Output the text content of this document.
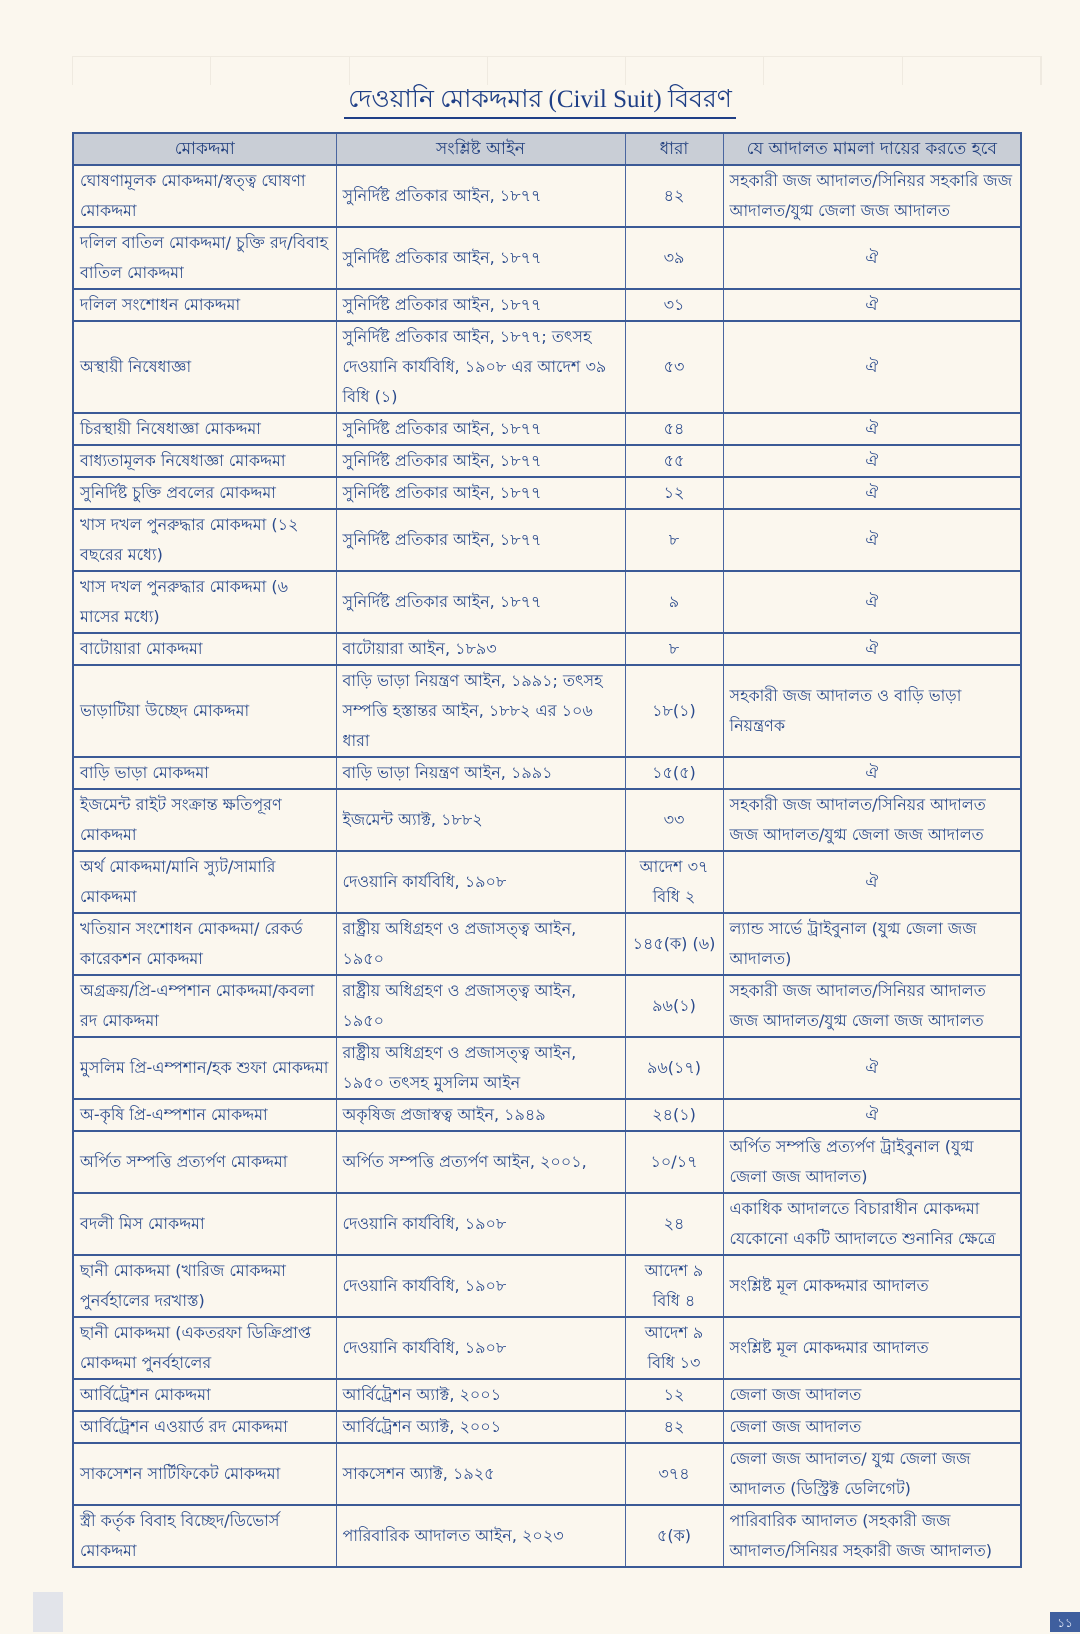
দেওয়ানি মোকদ্দমার (Civil Suit) বিবরণ
মোকদ্দমা	সংশ্লিষ্ট আইন	ধারা	যে আদালত মামলা দায়ের করতে হবে
ঘোষণামূলক মোকদ্দমা/স্বত্ত্ব ঘোষণা মোকদ্দমা	সুনির্দিষ্ট প্রতিকার আইন, ১৮৭৭	৪২	সহকারী জজ আদালত/সিনিয়র সহকারি জজ আদালত/যুগ্ম জেলা জজ আদালত
দলিল বাতিল মোকদ্দমা/ চুক্তি রদ/বিবাহ বাতিল মোকদ্দমা	সুনির্দিষ্ট প্রতিকার আইন, ১৮৭৭	৩৯	ঐ
দলিল সংশোধন মোকদ্দমা	সুনির্দিষ্ট প্রতিকার আইন, ১৮৭৭	৩১	ঐ
অস্থায়ী নিষেধাজ্ঞা	সুনির্দিষ্ট প্রতিকার আইন, ১৮৭৭; তৎসহ দেওয়ানি কার্যবিধি, ১৯০৮ এর আদেশ ৩৯ বিধি (১)	৫৩	ঐ
চিরস্থায়ী নিষেধাজ্ঞা মোকদ্দমা	সুনির্দিষ্ট প্রতিকার আইন, ১৮৭৭	৫৪	ঐ
বাধ্যতামূলক নিষেধাজ্ঞা মোকদ্দমা	সুনির্দিষ্ট প্রতিকার আইন, ১৮৭৭	৫৫	ঐ
সুনির্দিষ্ট চুক্তি প্রবলের মোকদ্দমা	সুনির্দিষ্ট প্রতিকার আইন, ১৮৭৭	১২	ঐ
খাস দখল পুনরুদ্ধার মোকদ্দমা (১২ বছরের মধ্যে)	সুনির্দিষ্ট প্রতিকার আইন, ১৮৭৭	৮	ঐ
খাস দখল পুনরুদ্ধার মোকদ্দমা (৬ মাসের মধ্যে)	সুনির্দিষ্ট প্রতিকার আইন, ১৮৭৭	৯	ঐ
বাটোয়ারা মোকদ্দমা	বাটোয়ারা আইন, ১৮৯৩	৮	ঐ
ভাড়াটিয়া উচ্ছেদ মোকদ্দমা	বাড়ি ভাড়া নিয়ন্ত্রণ আইন, ১৯৯১; তৎসহ সম্পত্তি হস্তান্তর আইন, ১৮৮২ এর ১০৬ ধারা	১৮(১)	সহকারী জজ আদালত ও বাড়ি ভাড়া নিয়ন্ত্রণক
বাড়ি ভাড়া মোকদ্দমা	বাড়ি ভাড়া নিয়ন্ত্রণ আইন, ১৯৯১	১৫(৫)	ঐ
ইজমেন্ট রাইট সংক্রান্ত ক্ষতিপূরণ মোকদ্দমা	ইজমেন্ট অ্যাক্ট, ১৮৮২	৩৩	সহকারী জজ আদালত/সিনিয়র আদালত জজ আদালত/যুগ্ম জেলা জজ আদালত
অর্থ মোকদ্দমা/মানি স্যুট/সামারি মোকদ্দমা	দেওয়ানি কার্যবিধি, ১৯০৮	আদেশ ৩৭ বিধি ২	ঐ
খতিয়ান সংশোধন মোকদ্দমা/ রেকর্ড কারেকশন মোকদ্দমা	রাষ্ট্রীয় অধিগ্রহণ ও প্রজাসত্ত্ব আইন, ১৯৫০	১৪৫(ক) (৬)	ল্যান্ড সার্ভে ট্রাইবুনাল (যুগ্ম জেলা জজ আদালত)
অগ্রক্রয়/প্রি-এম্পশান মোকদ্দমা/কবলা রদ মোকদ্দমা	রাষ্ট্রীয় অধিগ্রহণ ও প্রজাসত্ত্ব আইন, ১৯৫০	৯৬(১)	সহকারী জজ আদালত/সিনিয়র আদালত জজ আদালত/যুগ্ম জেলা জজ আদালত
মুসলিম প্রি-এম্পশান/হক শুফা মোকদ্দমা	রাষ্ট্রীয় অধিগ্রহণ ও প্রজাসত্ত্ব আইন, ১৯৫০ তৎসহ মুসলিম আইন	৯৬(১৭)	ঐ
অ-কৃষি প্রি-এম্পশান মোকদ্দমা	অকৃষিজ প্রজাস্বত্ব আইন, ১৯৪৯	২৪(১)	ঐ
অর্পিত সম্পত্তি প্রত্যর্পণ মোকদ্দমা	অর্পিত সম্পত্তি প্রত্যর্পণ আইন, ২০০১,	১০/১৭	অর্পিত সম্পত্তি প্রত্যর্পণ ট্রাইবুনাল (যুগ্ম জেলা জজ আদালত)
বদলী মিস মোকদ্দমা	দেওয়ানি কার্যবিধি, ১৯০৮	২৪	একাধিক আদালতে বিচারাধীন মোকদ্দমা যেকোনো একটি আদালতে শুনানির ক্ষেত্রে
ছানী মোকদ্দমা (খারিজ মোকদ্দমা পুনর্বহালের দরখাস্ত)	দেওয়ানি কার্যবিধি, ১৯০৮	আদেশ ৯ বিধি ৪	সংশ্লিষ্ট মূল মোকদ্দমার আদালত
ছানী মোকদ্দমা (একতরফা ডিক্রিপ্রাপ্ত মোকদ্দমা পুনর্বহালের	দেওয়ানি কার্যবিধি, ১৯০৮	আদেশ ৯ বিধি ১৩	সংশ্লিষ্ট মূল মোকদ্দমার আদালত
আর্বিট্রেশন মোকদ্দমা	আর্বিট্রেশন অ্যাক্ট, ২০০১	১২	জেলা জজ আদালত
আর্বিট্রেশন এওয়ার্ড রদ মোকদ্দমা	আর্বিট্রেশন অ্যাক্ট, ২০০১	৪২	জেলা জজ আদালত
সাকসেশন সার্টিফিকেট মোকদ্দমা	সাকসেশন অ্যাক্ট, ১৯২৫	৩৭৪	জেলা জজ আদালত/ যুগ্ম জেলা জজ আদালত (ডিস্ট্রিক্ট ডেলিগেট)
স্ত্রী কর্তৃক বিবাহ বিচ্ছেদ/ডিভোর্স মোকদ্দমা	পারিবারিক আদালত আইন, ২০২৩	৫(ক)	পারিবারিক আদালত (সহকারী জজ আদালত/সিনিয়র সহকারী জজ আদালত)
১১
